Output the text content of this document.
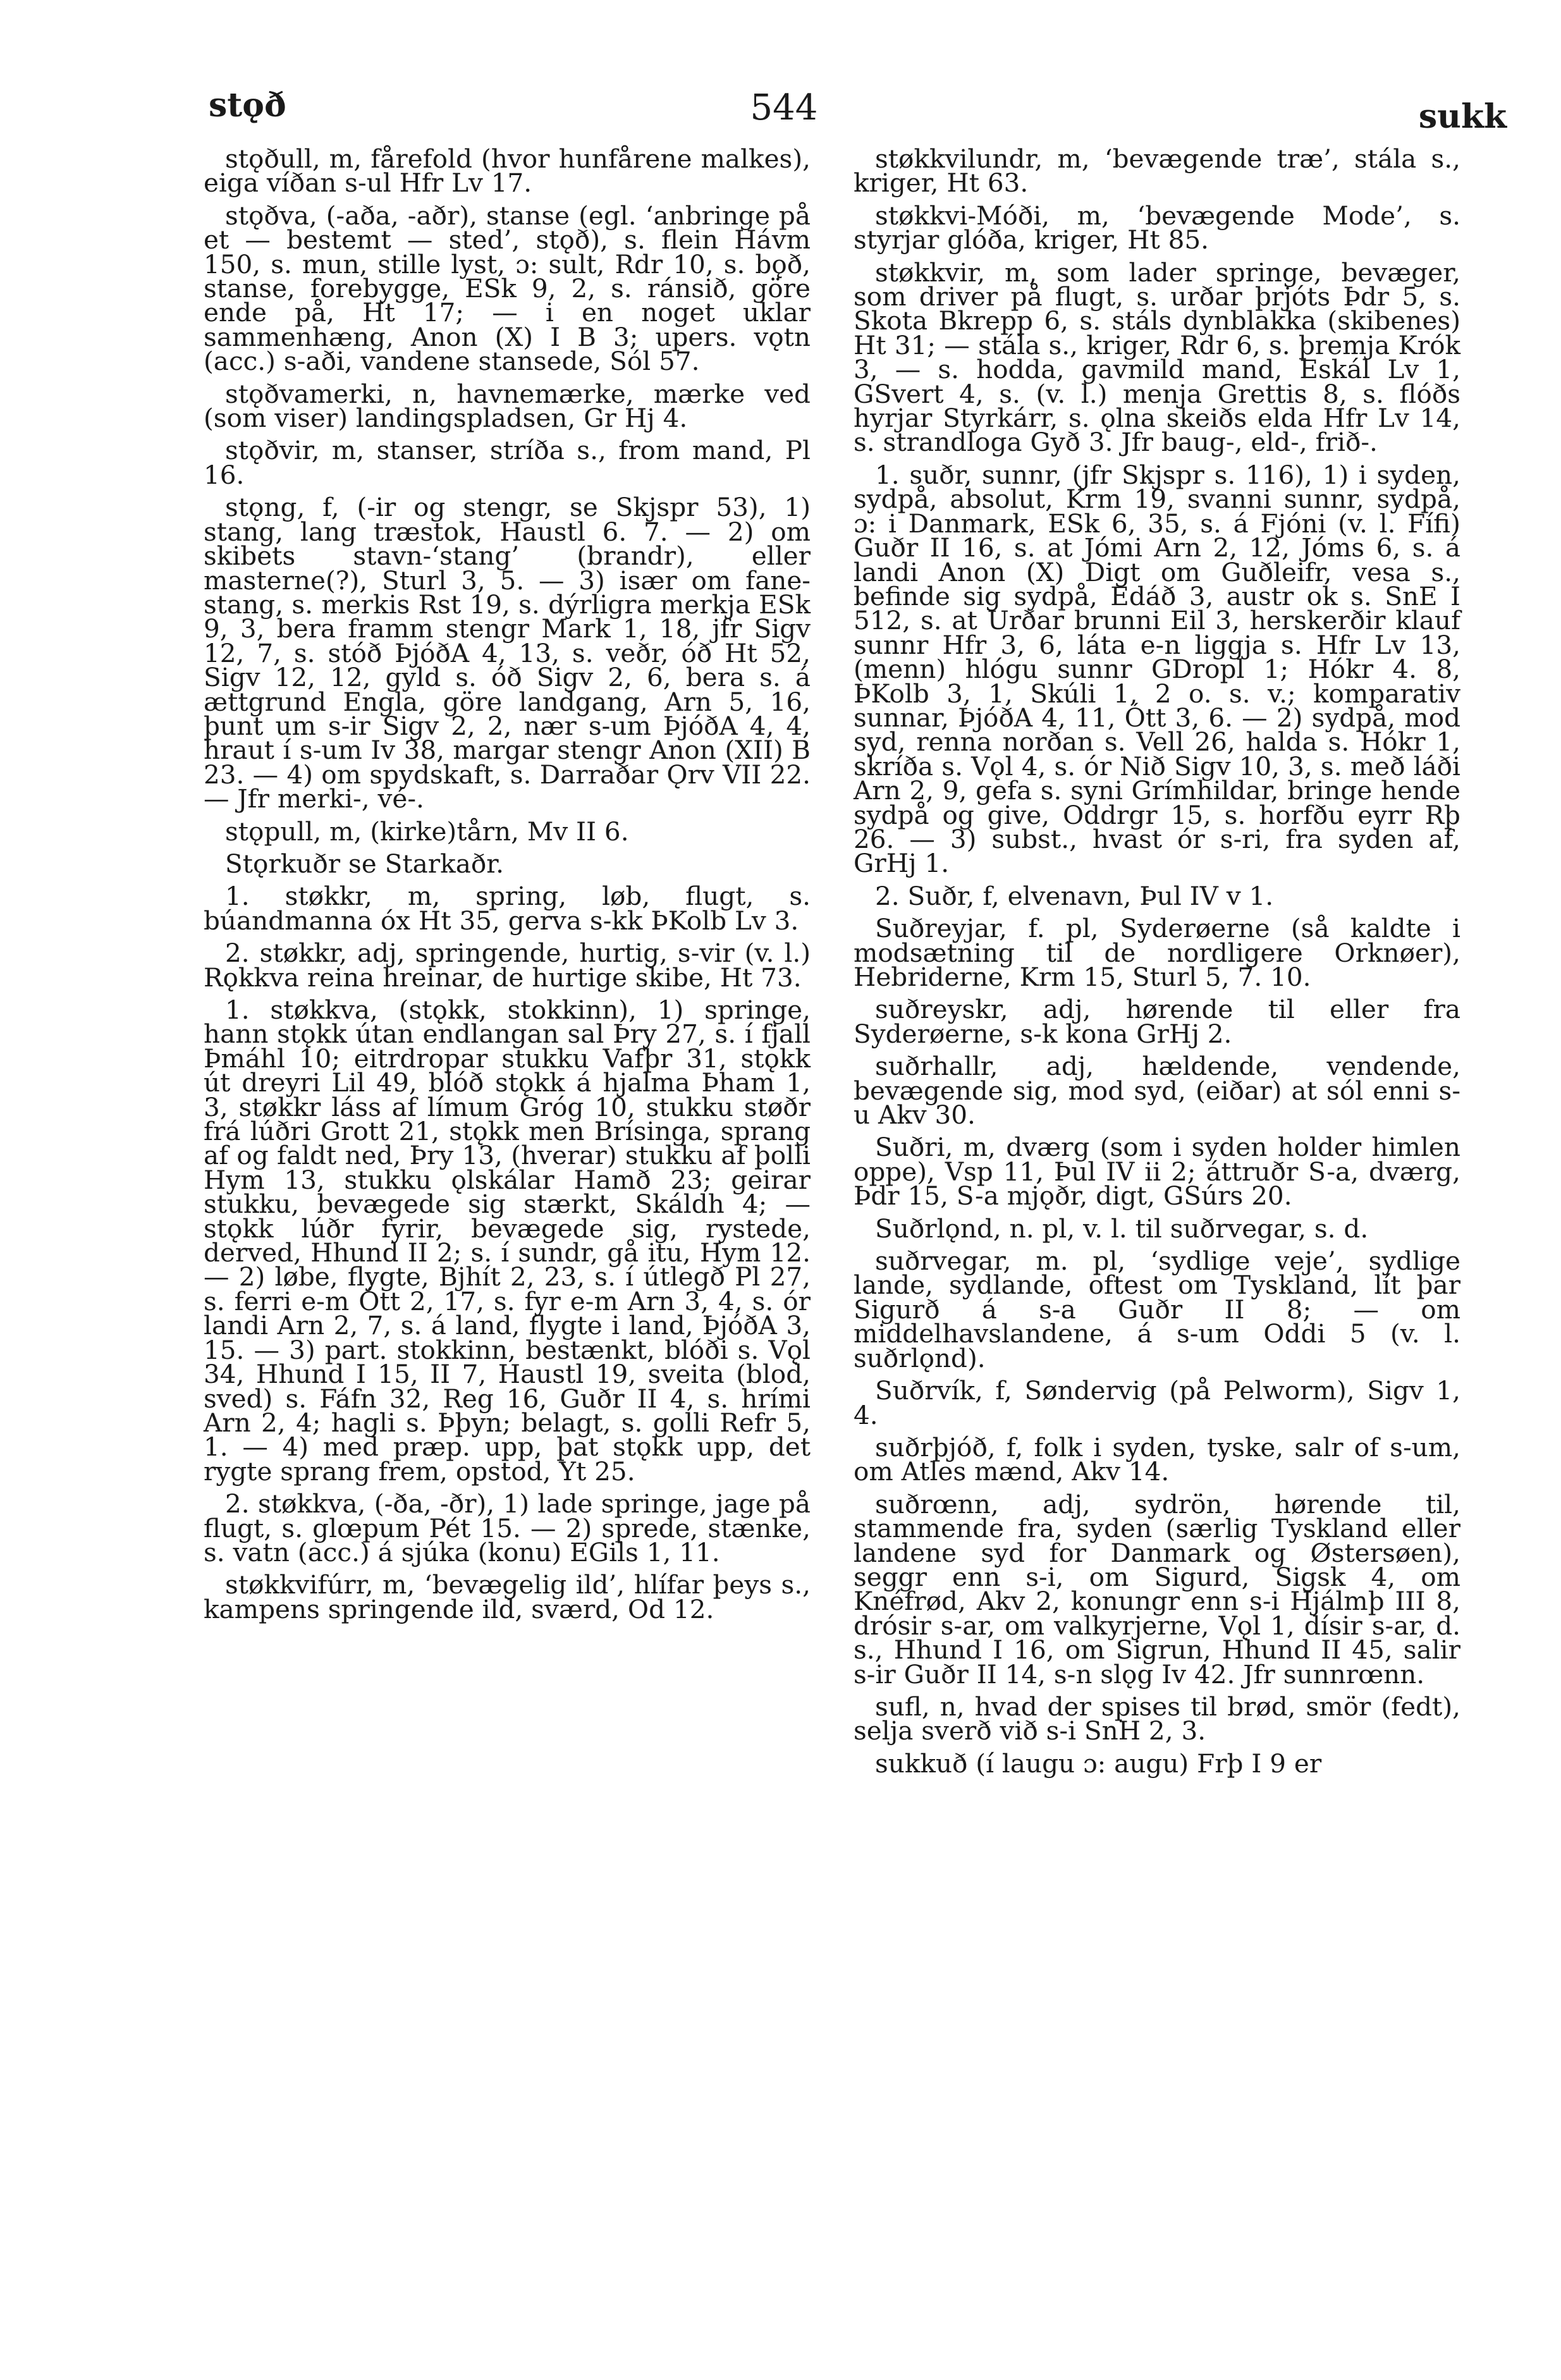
stǫð	544	sukk

stǫðull, m, fårefold (hvor hunfårene malkes), eiga víðan s-ul Hfr Lv 17.

stǫðva, (-aða, -aðr), stanse (egl. ‘anbringe på et — bestemt — sted’, stǫð), s. flein Hávm 150, s. mun, stille lyst, ɔ: sult, Rdr 10, s. bǫð, stanse, forebygge, ESk 9, 2, s. ránsið, göre ende på, Ht 17; — i en noget uklar sammenhæng, Anon (X) I B 3; upers. vǫtn (acc.) s-aði, vandene stansede, Sól 57.

stǫðvamerki, n, havnemærke, mærke ved (som viser) landingspladsen, Gr Hj 4.

stǫðvir, m, stanser, stríða s., from mand, Pl 16.

stǫng, f, (-ir og stengr, se Skjspr 53), 1) stang, lang træstok, Haustl 6. 7. — 2) om skibets stavn-‘stang’ (brandr), eller masterne(?), Sturl 3, 5. — 3) især om fane-stang, s. merkis Rst 19, s. dýrligra merkja ESk 9, 3, bera framm stengr Mark 1, 18, jfr Sigv 12, 7, s. stóð ÞjóðA 4, 13, s. veðr, óð Ht 52, Sigv 12, 12, gyld s. óð Sigv 2, 6, bera s. á ættgrund Engla, göre landgang, Arn 5, 16, þunt um s-ir Sigv 2, 2, nær s-um ÞjóðA 4, 4, hraut í s-um Iv 38, margar stengr Anon (XII) B 23. — 4) om spydskaft, s. Darraðar Ǫrv VII 22. — Jfr merki-, vé-.

stǫpull, m, (kirke)tårn, Mv II 6.

Stǫrkuðr se Starkaðr.

1. støkkr, m, spring, løb, flugt, s. búandmanna óx Ht 35, gerva s-kk ÞKolb Lv 3.

2. støkkr, adj, springende, hurtig, s-vir (v. l.) Rǫkkva reina hreinar, de hurtige skibe, Ht 73.

1. støkkva, (stǫkk, stokkinn), 1) springe, hann stǫkk útan endlangan sal Þry 27, s. í fjall Þmáhl 10; eitrdropar stukku Vafþr 31, stǫkk út dreyri Lil 49, blóð stǫkk á hjalma Þham 1, 3, støkkr láss af límum Gróg 10, stukku støðr frá lúðri Grott 21, stǫkk men Brísinga, sprang af og faldt ned, Þry 13, (hverar) stukku af þolli Hym 13, stukku ǫlskálar Hamð 23; geirar stukku, bevægede sig stærkt, Skáldh 4; — stǫkk lúðr fyrir, bevægede sig, rystede, derved, Hhund II 2; s. í sundr, gå itu, Hym 12. — 2) løbe, flygte, Bjhít 2, 23, s. í útlegð Pl 27, s. ferri e-m Ótt 2, 17, s. fyr e-m Arn 3, 4, s. ór landi Arn 2, 7, s. á land, flygte i land, ÞjóðA 3, 15. — 3) part. stokkinn, bestænkt, blóði s. Vǫl 34, Hhund I 15, II 7, Haustl 19, sveita (blod, sved) s. Fáfn 32, Reg 16, Guðr II 4, s. hrími Arn 2, 4; hagli s. Þþyn; belagt, s. golli Refr 5, 1. — 4) med præp. upp, þat stǫkk upp, det rygte sprang frem, opstod, Yt 25.

2. støkkva, (-ða, -ðr), 1) lade springe, jage på flugt, s. glœpum Pét 15. — 2) sprede, stænke, s. vatn (acc.) á sjúka (konu) EGils 1, 11.

støkkvifúrr, m, ‘bevægelig ild’, hlífar þeys s., kampens springende ild, sværd, Od 12.

støkkvilundr, m, ‘bevægende træ’, stála s., kriger, Ht 63.

støkkvi-Móði, m, ‘bevægende Mode’, s. styrjar glóða, kriger, Ht 85.

støkkvir, m, som lader springe, bevæger, som driver på flugt, s. urðar þrjóts Þdr 5, s. Skota Bkrepp 6, s. stáls dynblakka (skibenes) Ht 31; — stála s., kriger, Rdr 6, s. þremja Krók 3, — s. hodda, gavmild mand, Eskál Lv 1, GSvert 4, s. (v. l.) menja Grettis 8, s. flóðs hyrjar Styrkárr, s. ǫlna skeiðs elda Hfr Lv 14, s. strandloga Gyð 3. Jfr baug-, eld-, frið-.

1. suðr, sunnr, (jfr Skjspr s. 116), 1) i syden, sydpå, absolut, Krm 19, svanni sunnr, sydpå, ɔ: i Danmark, ESk 6, 35, s. á Fjóni (v. l. Fífi) Guðr II 16, s. at Jómi Arn 2, 12, Jóms 6, s. á landi Anon (X) Digt om Guðleifr, vesa s., befinde sig sydpå, Edáð 3, austr ok s. SnE I 512, s. at Urðar brunni Eil 3, herskerðir klauf sunnr Hfr 3, 6, láta e-n liggja s. Hfr Lv 13, (menn) hlógu sunnr GDropl 1; Hókr 4. 8, ÞKolb 3, 1, Skúli 1, 2 o. s. v.; komparativ sunnar, ÞjóðA 4, 11, Ótt 3, 6. — 2) sydpå, mod syd, renna norðan s. Vell 26, halda s. Hókr 1, skríða s. Vǫl 4, s. ór Nið Sigv 10, 3, s. með láði Arn 2, 9, gefa s. syni Grímhildar, bringe hende sydpå og give, Oddrgr 15, s. horfðu eyrr Rþ 26. — 3) subst., hvast ór s-ri, fra syden af, GrHj 1.

2. Suðr, f, elvenavn, Þul IV v 1.

Suðreyjar, f. pl, Syderøerne (så kaldte i modsætning til de nordligere Orknøer), Hebriderne, Krm 15, Sturl 5, 7. 10.

suðreyskr, adj, hørende til eller fra Syderøerne, s-k kona GrHj 2.

suðrhallr, adj, hældende, vendende, bevægende sig, mod syd, (eiðar) at sól enni s-u Akv 30.

Suðri, m, dværg (som i syden holder himlen oppe), Vsp 11, Þul IV ii 2; áttruðr S-a, dværg, Þdr 15, S-a mjǫðr, digt, GSúrs 20.

Suðrlǫnd, n. pl, v. l. til suðrvegar, s. d.

suðrvegar, m. pl, ‘sydlige veje’, sydlige lande, sydlande, oftest om Tyskland, lít þar Sigurð á s-a Guðr II 8; — om middelhavslandene, á s-um Oddi 5 (v. l. suðrlǫnd).

Suðrvík, f, Søndervig (på Pelworm), Sigv 1, 4.

suðrþjóð, f, folk i syden, tyske, salr of s-um, om Atles mænd, Akv 14.

suðrœnn, adj, sydrön, hørende til, stammende fra, syden (særlig Tyskland eller landene syd for Danmark og Østersøen), seggr enn s-i, om Sigurd, Sigsk 4, om Knéfrød, Akv 2, konungr enn s-i Hjálmþ III 8, drósir s-ar, om valkyrjerne, Vǫl 1, dísir s-ar, d. s., Hhund I 16, om Sigrun, Hhund II 45, salir s-ir Guðr II 14, s-n slǫg Iv 42. Jfr sunnrœnn.

sufl, n, hvad der spises til brød, smör (fedt), selja sverð við s-i SnH 2, 3.

sukkuð (í laugu ɔ: augu) Frþ I 9 er
